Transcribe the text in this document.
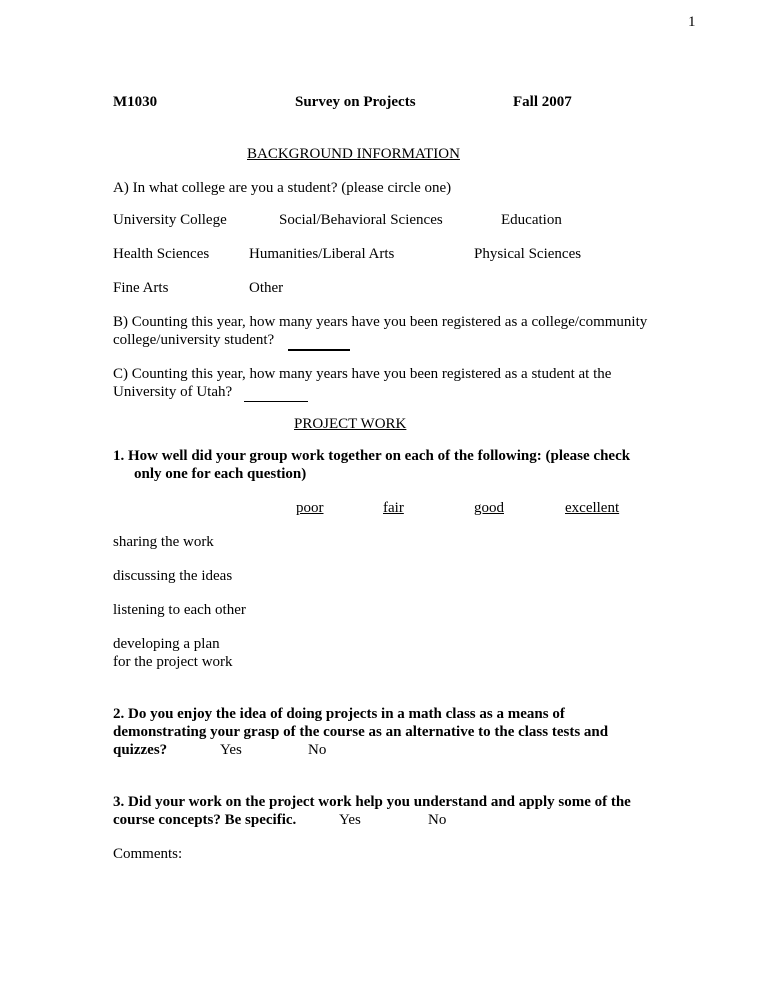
1
M1030	Survey on Projects	Fall 2007
BACKGROUND INFORMATION
A) In what college are you a student? (please circle one)
University College	Social/Behavioral Sciences	Education
Health Sciences	Humanities/Liberal Arts	Physical Sciences
Fine Arts	Other
B) Counting this year, how many years have you been registered as a college/community
college/university student?
C) Counting this year, how many years have you been registered as a student at the
University of Utah?
PROJECT WORK
1. How well did your group work together on each of the following: (please check
only one for each question)
poor	fair	good	excellent
sharing the work
discussing the ideas
listening to each other
developing a plan
for the project work
2. Do you enjoy the idea of doing projects in a math class as a means of
demonstrating your grasp of the course as an alternative to the class tests and
quizzes?	Yes	No
3. Did your work on the project work help you understand and apply some of the
course concepts? Be specific.	Yes	No
Comments:
